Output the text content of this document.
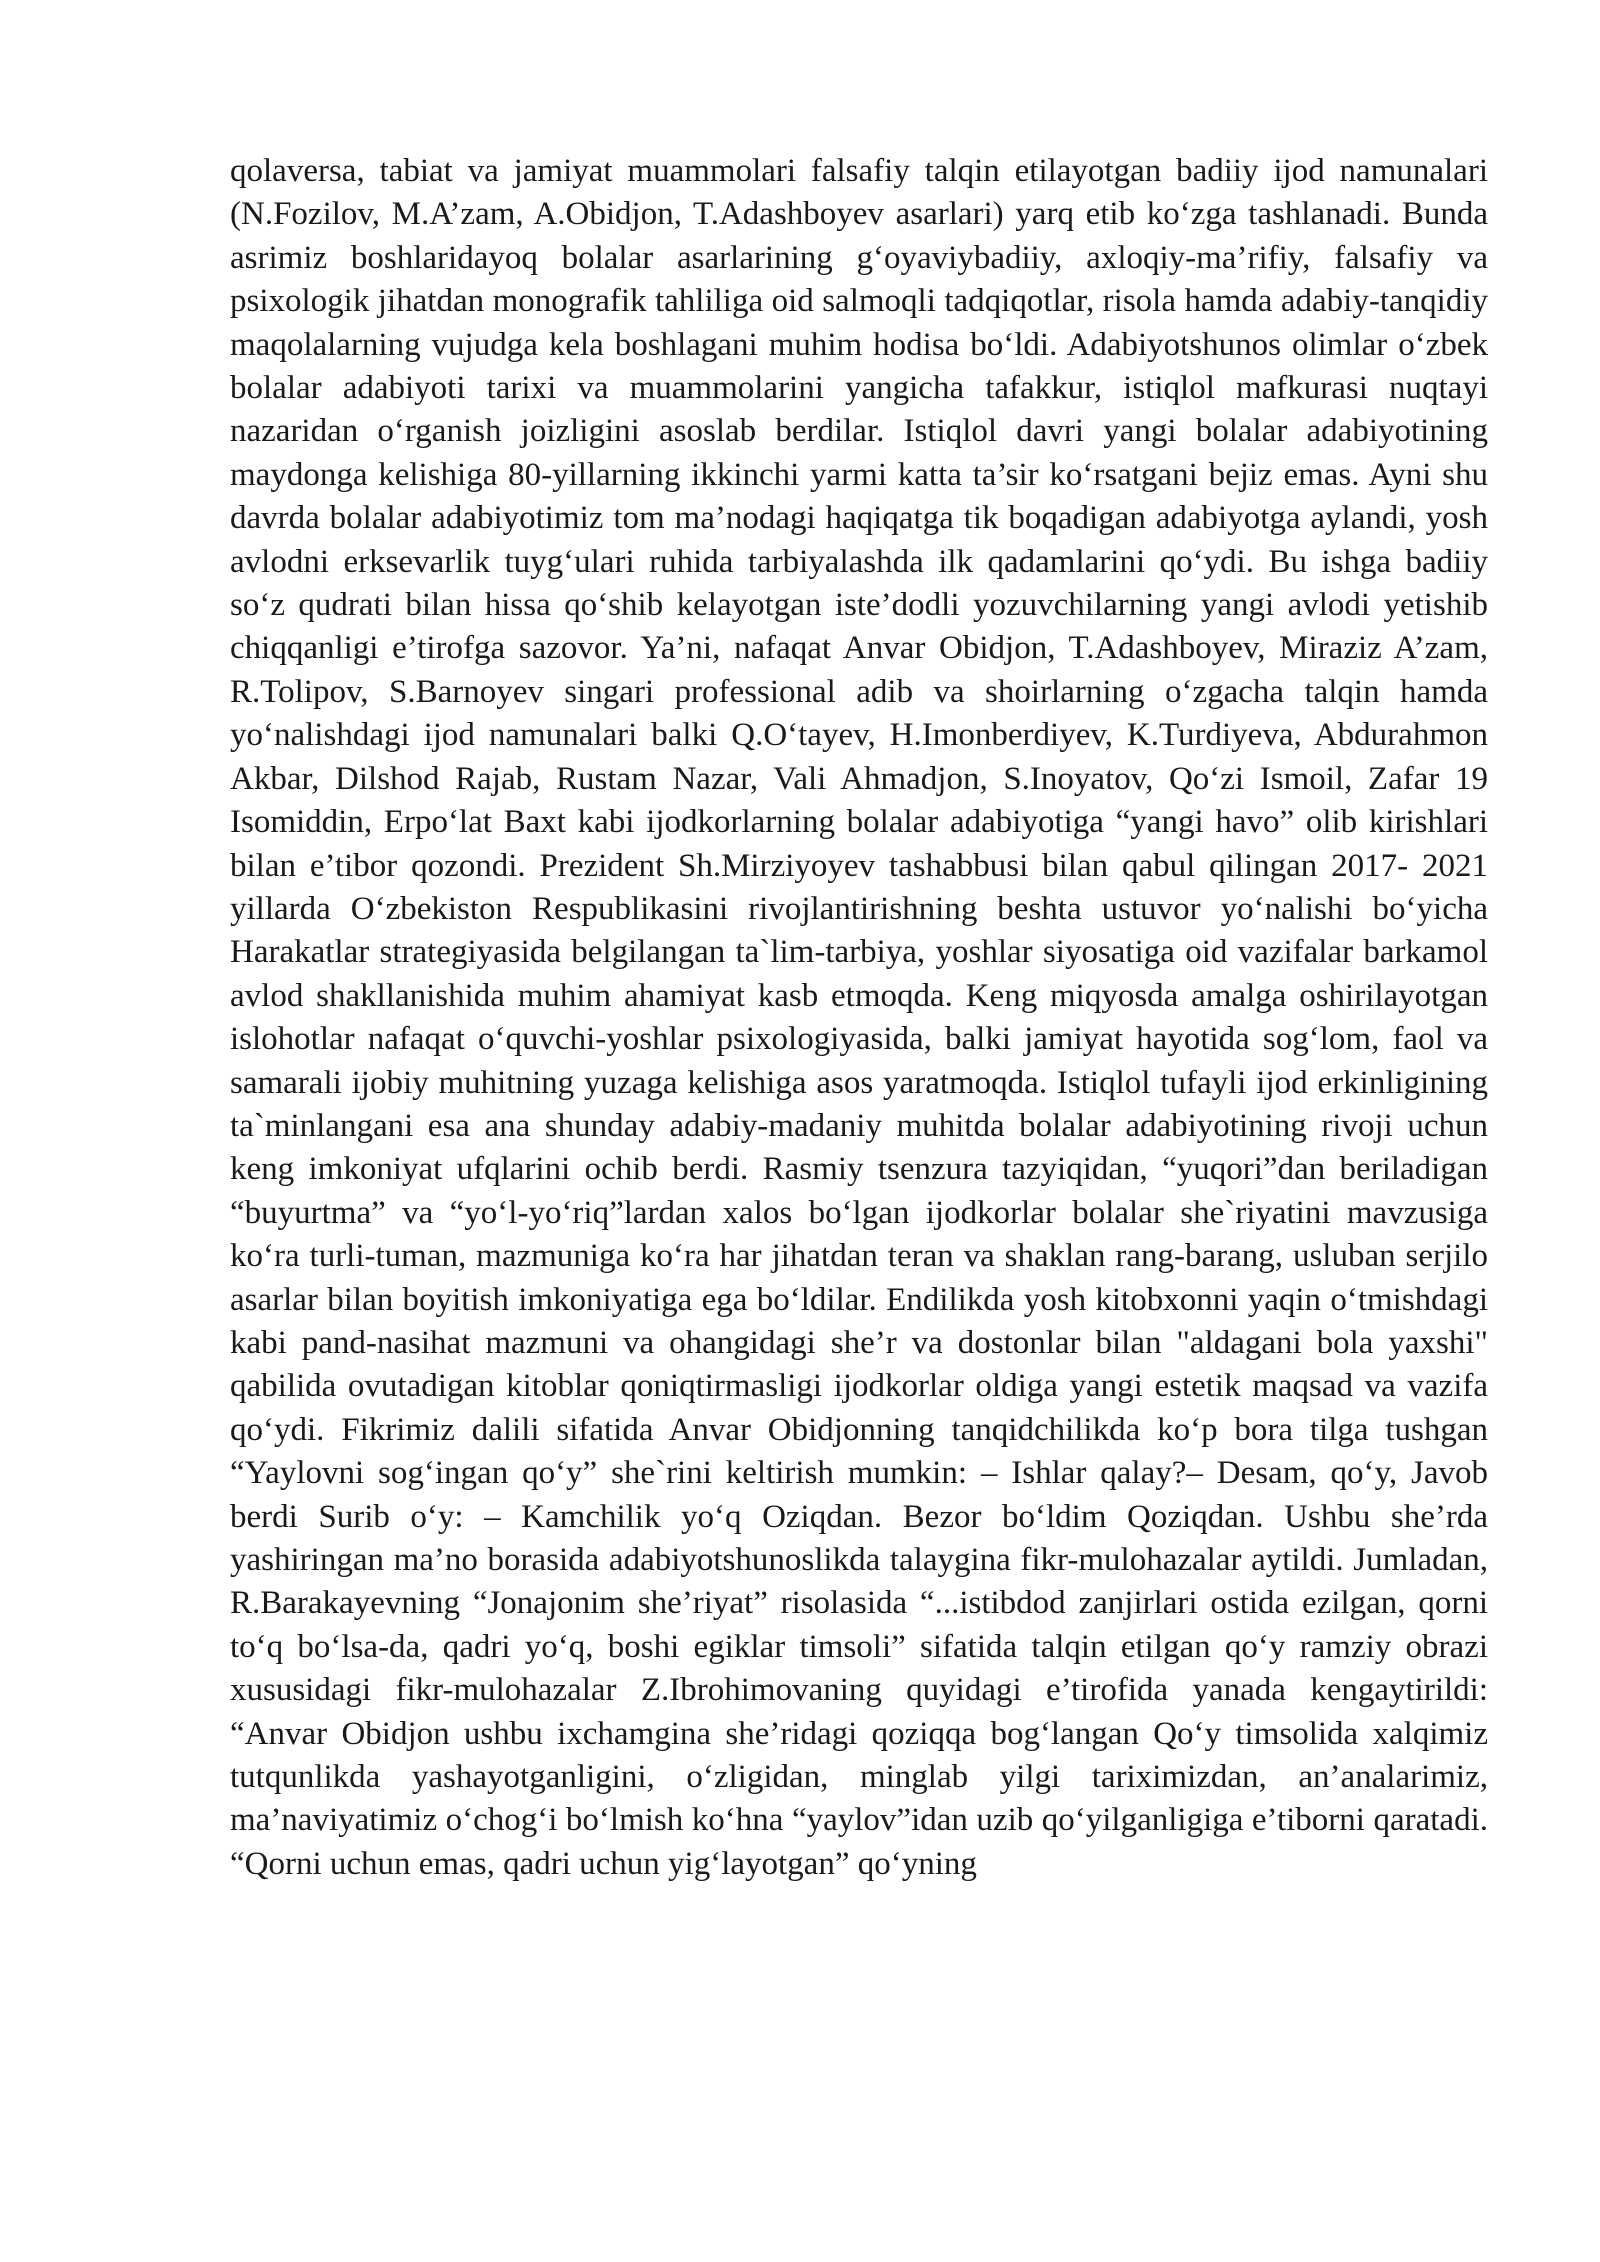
qolaversa, tabiat va jamiyat muammolari falsafiy talqin etilayotgan badiiy ijod namunalari (N.Fozilov, M.A’zam, A.Obidjon, T.Adashboyev asarlari) yarq etib ko‘zga tashlanadi. Bunda asrimiz boshlaridayoq bolalar asarlarining g‘oyaviybadiiy, axloqiy-ma’rifiy, falsafiy va psixologik jihatdan monografik tahliliga oid salmoqli tadqiqotlar, risola hamda adabiy-tanqidiy maqolalarning vujudga kela boshlagani muhim hodisa bo‘ldi. Adabiyotshunos olimlar o‘zbek bolalar adabiyoti tarixi va muammolarini yangicha tafakkur, istiqlol mafkurasi nuqtayi nazaridan o‘rganish joizligini asoslab berdilar. Istiqlol davri yangi bolalar adabiyotining maydonga kelishiga 80-yillarning ikkinchi yarmi katta ta’sir ko‘rsatgani bejiz emas. Ayni shu davrda bolalar adabiyotimiz tom ma’nodagi haqiqatga tik boqadigan adabiyotga aylandi, yosh avlodni erksevarlik tuyg‘ulari ruhida tarbiyalashda ilk qadamlarini qo‘ydi. Bu ishga badiiy so‘z qudrati bilan hissa qo‘shib kelayotgan iste’dodli yozuvchilarning yangi avlodi yetishib chiqqanligi e’tirofga sazovor. Ya’ni, nafaqat Anvar Obidjon, T.Adashboyev, Miraziz A’zam, R.Tolipov, S.Barnoyev singari professional adib va shoirlarning o‘zgacha talqin hamda yo‘nalishdagi ijod namunalari balki Q.O‘tayev, H.Imonberdiyev, K.Turdiyeva, Abdurahmon Akbar, Dilshod Rajab, Rustam Nazar, Vali Ahmadjon, S.Inoyatov, Qo‘zi Ismoil, Zafar 19 Isomiddin, Erpo‘lat Baxt kabi ijodkorlarning bolalar adabiyotiga “yangi havo” olib kirishlari bilan e’tibor qozondi. Prezident Sh.Mirziyoyev tashabbusi bilan qabul qilingan 2017- 2021 yillarda O‘zbekiston Respublikasini rivojlantirishning beshta ustuvor yo‘nalishi bo‘yicha Harakatlar strategiyasida belgilangan ta`lim-tarbiya, yoshlar siyosatiga oid vazifalar barkamol avlod shakllanishida muhim ahamiyat kasb etmoqda. Keng miqyosda amalga oshirilayotgan islohotlar nafaqat o‘quvchi-yoshlar psixologiyasida, balki jamiyat hayotida sog‘lom, faol va samarali ijobiy muhitning yuzaga kelishiga asos yaratmoqda. Istiqlol tufayli ijod erkinligining ta`minlangani esa ana shunday adabiy-madaniy muhitda bolalar adabiyotining rivoji uchun keng imkoniyat ufqlarini ochib berdi. Rasmiy tsenzura tazyiqidan, “yuqori”dan beriladigan “buyurtma” va “yo‘l-yo‘riq”lardan xalos bo‘lgan ijodkorlar bolalar she`riyatini mavzusiga ko‘ra turli-tuman, mazmuniga ko‘ra har jihatdan teran va shaklan rang-barang, usluban serjilo asarlar bilan boyitish imkoniyatiga ega bo‘ldilar. Endilikda yosh kitobxonni yaqin o‘tmishdagi kabi pand-nasihat mazmuni va ohangidagi she’r va dostonlar bilan "aldagani bola yaxshi" qabilida ovutadigan kitoblar qoniqtirmasligi ijodkorlar oldiga yangi estetik maqsad va vazifa qo‘ydi. Fikrimiz dalili sifatida Anvar Obidjonning tanqidchilikda ko‘p bora tilga tushgan “Yaylovni sog‘ingan qo‘y” she`rini keltirish mumkin: – Ishlar qalay?– Desam, qo‘y, Javob berdi Surib o‘y: – Kamchilik yo‘q Oziqdan. Bezor bo‘ldim Qoziqdan. Ushbu she’rda yashiringan ma’no borasida adabiyotshunoslikda talaygina fikr-mulohazalar aytildi. Jumladan, R.Barakayevning “Jonajonim she’riyat” risolasida “...istibdod zanjirlari ostida ezilgan, qorni to‘q bo‘lsa-da, qadri yo‘q, boshi egiklar timsoli” sifatida talqin etilgan qo‘y ramziy obrazi xususidagi fikr-mulohazalar Z.Ibrohimovaning quyidagi e’tirofida yanada kengaytirildi: “Anvar Obidjon ushbu ixchamgina she’ridagi qoziqqa bog‘langan Qo‘y timsolida xalqimiz tutqunlikda yashayotganligini, o‘zligidan, minglab yilgi tariximizdan, an’analarimiz, ma’naviyatimiz o‘chog‘i bo‘lmish ko‘hna “yaylov”idan uzib qo‘yilganligiga e’tiborni qaratadi. “Qorni uchun emas, qadri uchun yig‘layotgan” qo‘yning
